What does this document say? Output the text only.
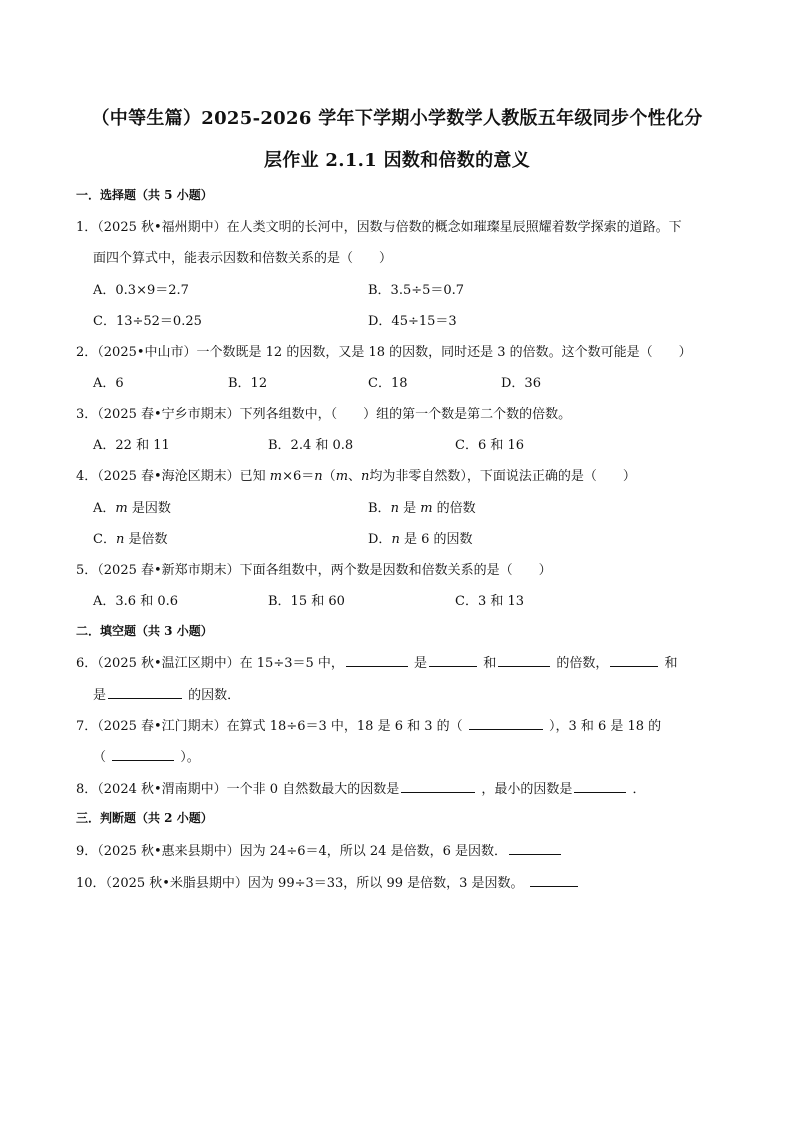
（中等生篇）2025-2026 学年下学期小学数学人教版五年级同步个性化分
层作业 2.1.1 因数和倍数的意义
一．选择题（共 5 小题）
1．（2025 秋•福州期中）在人类文明的长河中，因数与倍数的概念如璀璨星辰照耀着数学探索的道路。下
面四个算式中，能表示因数和倍数关系的是（　　）
A．0.3×9＝2.7	B．3.5÷5＝0.7
C．13÷52＝0.25	D．45÷15＝3
2．（2025•中山市）一个数既是 12 的因数，又是 18 的因数，同时还是 3 的倍数。这个数可能是（　　）
A．6	B．12	C．18	D．36
3．（2025 春•宁乡市期末）下列各组数中，（　　）组的第一个数是第二个数的倍数。
A．22 和 11	B．2.4 和 0.8	C．6 和 16
4．（2025 春•海沧区期末）已知 m×6＝n（m、n均为非零自然数），下面说法正确的是（　　）
A．m 是因数	B．n 是 m 的倍数
C．n 是倍数	D．n 是 6 的因数
5．（2025 春•新郑市期末）下面各组数中，两个数是因数和倍数关系的是（　　）
A．3.6 和 0.6	B．15 和 60	C．3 和 13
二．填空题（共 3 小题）
6．（2025 秋•温江区期中）在 15÷3＝5 中，	是	和	的倍数，	和
是	的因数．
7．（2025 春•江门期末）在算式 18÷6＝3 中，18 是 6 和 3 的（	），3 和 6 是 18 的
（	）。
8．（2024 秋•渭南期中）一个非 0 自然数最大的因数是	，最小的因数是	．
三．判断题（共 2 小题）
9．（2025 秋•惠来县期中）因为 24÷6＝4，所以 24 是倍数，6 是因数．
10．（2025 秋•米脂县期中）因为 99÷3＝33，所以 99 是倍数，3 是因数。
